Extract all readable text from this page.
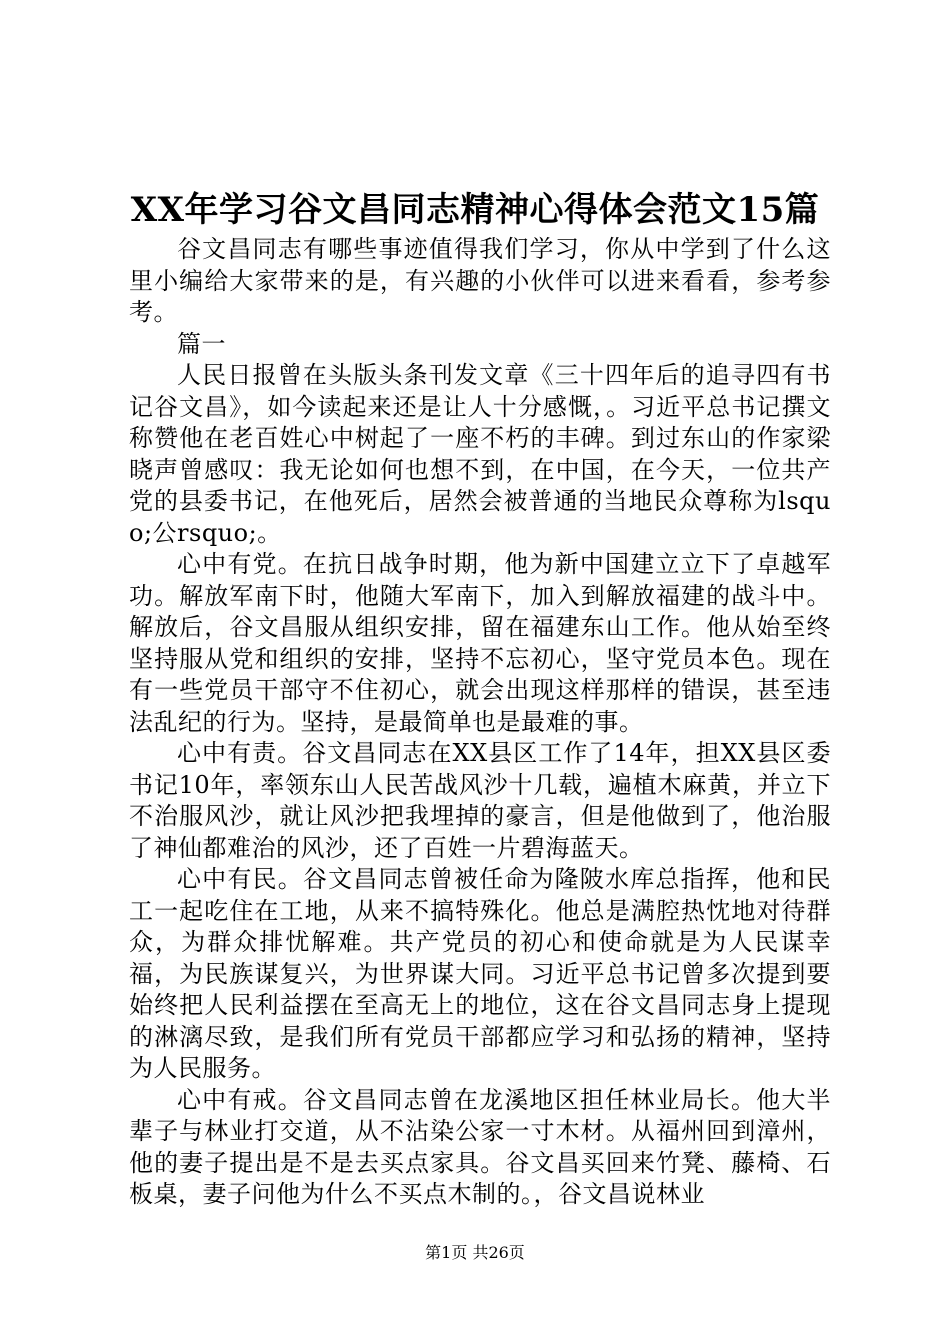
XX年学习谷文昌同志精神心得体会范文15篇

谷文昌同志有哪些事迹值得我们学习，你从中学到了什么这里小编给大家带来的是，有兴趣的小伙伴可以进来看看，参考参考。

篇一

人民日报曾在头版头条刊发文章《三十四年后的追寻四有书记谷文昌》，如今读起来还是让人十分感慨，。习近平总书记撰文称赞他在老百姓心中树起了一座不朽的丰碑。到过东山的作家梁晓声曾感叹：我无论如何也想不到，在中国，在今天，一位共产党的县委书记，在他死后，居然会被普通的当地民众尊称为lsquo;公rsquo;。

心中有党。在抗日战争时期，他为新中国建立立下了卓越军功。解放军南下时，他随大军南下，加入到解放福建的战斗中。解放后，谷文昌服从组织安排，留在福建东山工作。他从始至终坚持服从党和组织的安排，坚持不忘初心，坚守党员本色。现在有一些党员干部守不住初心，就会出现这样那样的错误，甚至违法乱纪的行为。坚持，是最简单也是最难的事。

心中有责。谷文昌同志在XX县区工作了14年，担XX县区委书记10年，率领东山人民苦战风沙十几载，遍植木麻黄，并立下不治服风沙，就让风沙把我埋掉的豪言，但是他做到了，他治服了神仙都难治的风沙，还了百姓一片碧海蓝天。

心中有民。谷文昌同志曾被任命为隆陂水库总指挥，他和民工一起吃住在工地，从来不搞特殊化。他总是满腔热忱地对待群众，为群众排忧解难。共产党员的初心和使命就是为人民谋幸福，为民族谋复兴，为世界谋大同。习近平总书记曾多次提到要始终把人民利益摆在至高无上的地位，这在谷文昌同志身上提现的淋漓尽致，是我们所有党员干部都应学习和弘扬的精神，坚持为人民服务。

心中有戒。谷文昌同志曾在龙溪地区担任林业局长。他大半辈子与林业打交道，从不沾染公家一寸木材。从福州回到漳州，他的妻子提出是不是去买点家具。谷文昌买回来竹凳、藤椅、石板桌，妻子问他为什么不买点木制的。，谷文昌说林业

第1页 共26页
